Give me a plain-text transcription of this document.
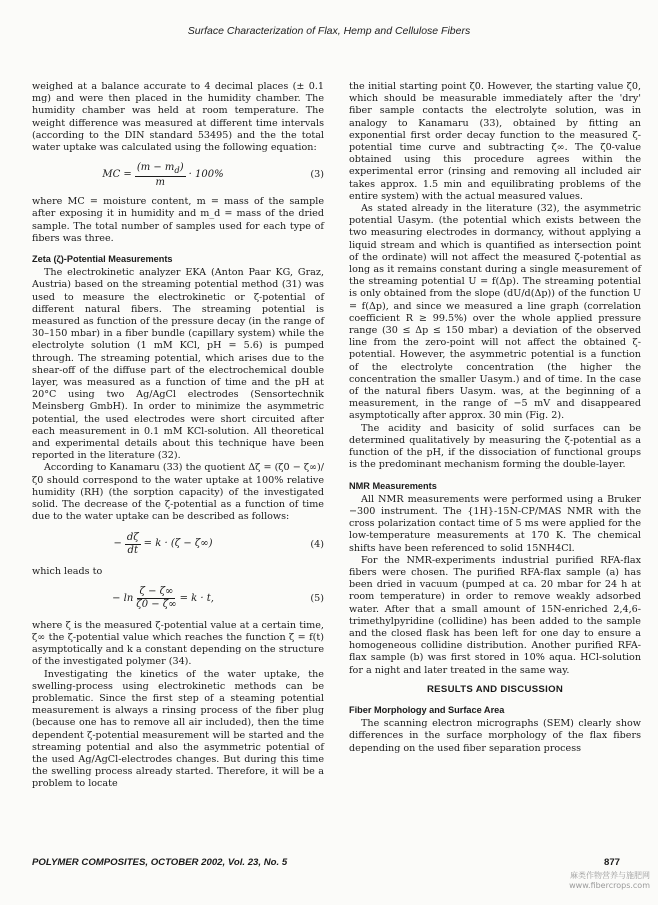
Surface Characterization of Flax, Hemp and Cellulose Fibers

weighed at a balance accurate to 4 decimal places (± 0.1 mg) and were then placed in the humidity chamber. The humidity chamber was held at room temperature. The weight difference was measured at different time intervals (according to the DIN standard 53495) and the the total water uptake was calculated using the following equation:

MC = $\frac{(m - m_d)}{m} \cdot 100\%$	(3)

where MC = moisture content, m = mass of the sample after exposing it in humidity and m_d = mass of the dried sample. The total number of samples used for each type of fibers was three.

Zeta (ζ)-Potential Measurements

The electrokinetic analyzer EKA (Anton Paar KG, Graz, Austria) based on the streaming potential method (31) was used to measure the electrokinetic or ζ-potential of different natural fibers. The streaming potential is measured as function of the pressure decay (in the range of 30–150 mbar) in a fiber bundle (capillary system) while the electrolyte solution (1 mM KCl, pH = 5.6) is pumped through. The streaming potential, which arises due to the shear-off of the diffuse part of the electrochemical double layer, was measured as a function of time and the pH at 20°C using two Ag/AgCl electrodes (Sensortechnik Meinsberg GmbH). In order to minimize the asymmetric potential, the used electrodes were short circuited after each measurement in 0.1 mM KCl-solution. All theoretical and experimental details about this technique have been reported in the literature (32).

According to Kanamaru (33) the quotient Δζ = (ζ0 − ζ∞)/ζ0 should correspond to the water uptake at 100% relative humidity (RH) (the sorption capacity) of the investigated solid. The decrease of the ζ-potential as a function of time due to the water uptake can be described as follows:

− $\frac{d\zeta}{dt} = k \cdot (\zeta - \zeta\infty)$	(4)

which leads to

− $\ln \frac{\zeta - \zeta\infty}{\zeta 0 - \zeta\infty} = k \cdot t$,	(5)

where ζ is the measured ζ-potential value at a certain time, ζ∞ the ζ-potential value which reaches the function ζ = f(t) asymptotically and k a constant depending on the structure of the investigated polymer (34).

Investigating the kinetics of the water uptake, the swelling-process using electrokinetic methods can be problematic. Since the first step of a steaming potential measurement is always a rinsing process of the fiber plug (because one has to remove all air included), then the time dependent ζ-potential measurement will be started and the streaming potential and also the asymmetric potential of the used Ag/AgCl-electrodes changes. But during this time the swelling process already started. Therefore, it will be a problem to locate

the initial starting point ζ0. However, the starting value ζ0, which should be measurable immediately after the 'dry' fiber sample contacts the electrolyte solution, was in analogy to Kanamaru (33), obtained by fitting an exponential first order decay function to the measured ζ-potential time curve and subtracting ζ∞. The ζ0-value obtained using this procedure agrees within the experimental error (rinsing and removing all included air takes approx. 1.5 min and equilibrating problems of the entire system) with the actual measured values.

As stated already in the literature (32), the asymmetric potential Uasym. (the potential which exists between the two measuring electrodes in dormancy, without applying a liquid stream and which is quantified as intersection point of the ordinate) will not affect the measured ζ-potential as long as it remains constant during a single measurement of the streaming potential U = f(Δp). The streaming potential is only obtained from the slope (dU/d(Δp)) of the function U = f(Δp), and since we measured a line graph (correlation coefficient R ≥ 99.5%) over the whole applied pressure range (30 ≤ Δp ≤ 150 mbar) a deviation of the observed line from the zero-point will not affect the obtained ζ-potential. However, the asymmetric potential is a function of the electrolyte concentration (the higher the concentration the smaller Uasym.) and of time. In the case of the natural fibers Uasym. was, at the beginning of a measurement, in the range of −5 mV and disappeared asymptotically after approx. 30 min (Fig. 2).

The acidity and basicity of solid surfaces can be determined qualitatively by measuring the ζ-potential as a function of the pH, if the dissociation of functional groups is the predominant mechanism forming the double-layer.

NMR Measurements

All NMR measurements were performed using a Bruker −300 instrument. The {1H}-15N-CP/MAS NMR with the cross polarization contact time of 5 ms were applied for the low-temperature measurements at 170 K. The chemical shifts have been referenced to solid 15NH4Cl.

For the NMR-experiments industrial purified RFA-flax fibers were chosen. The purified RFA-flax sample (a) has been dried in vacuum (pumped at ca. 20 mbar for 24 h at room temperature) in order to remove weakly adsorbed water. After that a small amount of 15N-enriched 2,4,6-trimethylpyridine (collidine) has been added to the sample and the closed flask has been left for one day to ensure a homogeneous collidine distribution. Another purified RFA-flax sample (b) was first stored in 10% aqua. HCl-solution for a night and later treated in the same way.

RESULTS AND DISCUSSION
Fiber Morphology and Surface Area

The scanning electron micrographs (SEM) clearly show differences in the surface morphology of the flax fibers depending on the used fiber separation process

POLYMER COMPOSITES, OCTOBER 2002, Vol. 23, No. 5	877
麻类作物营养与施肥网
www.fibercrops.com
